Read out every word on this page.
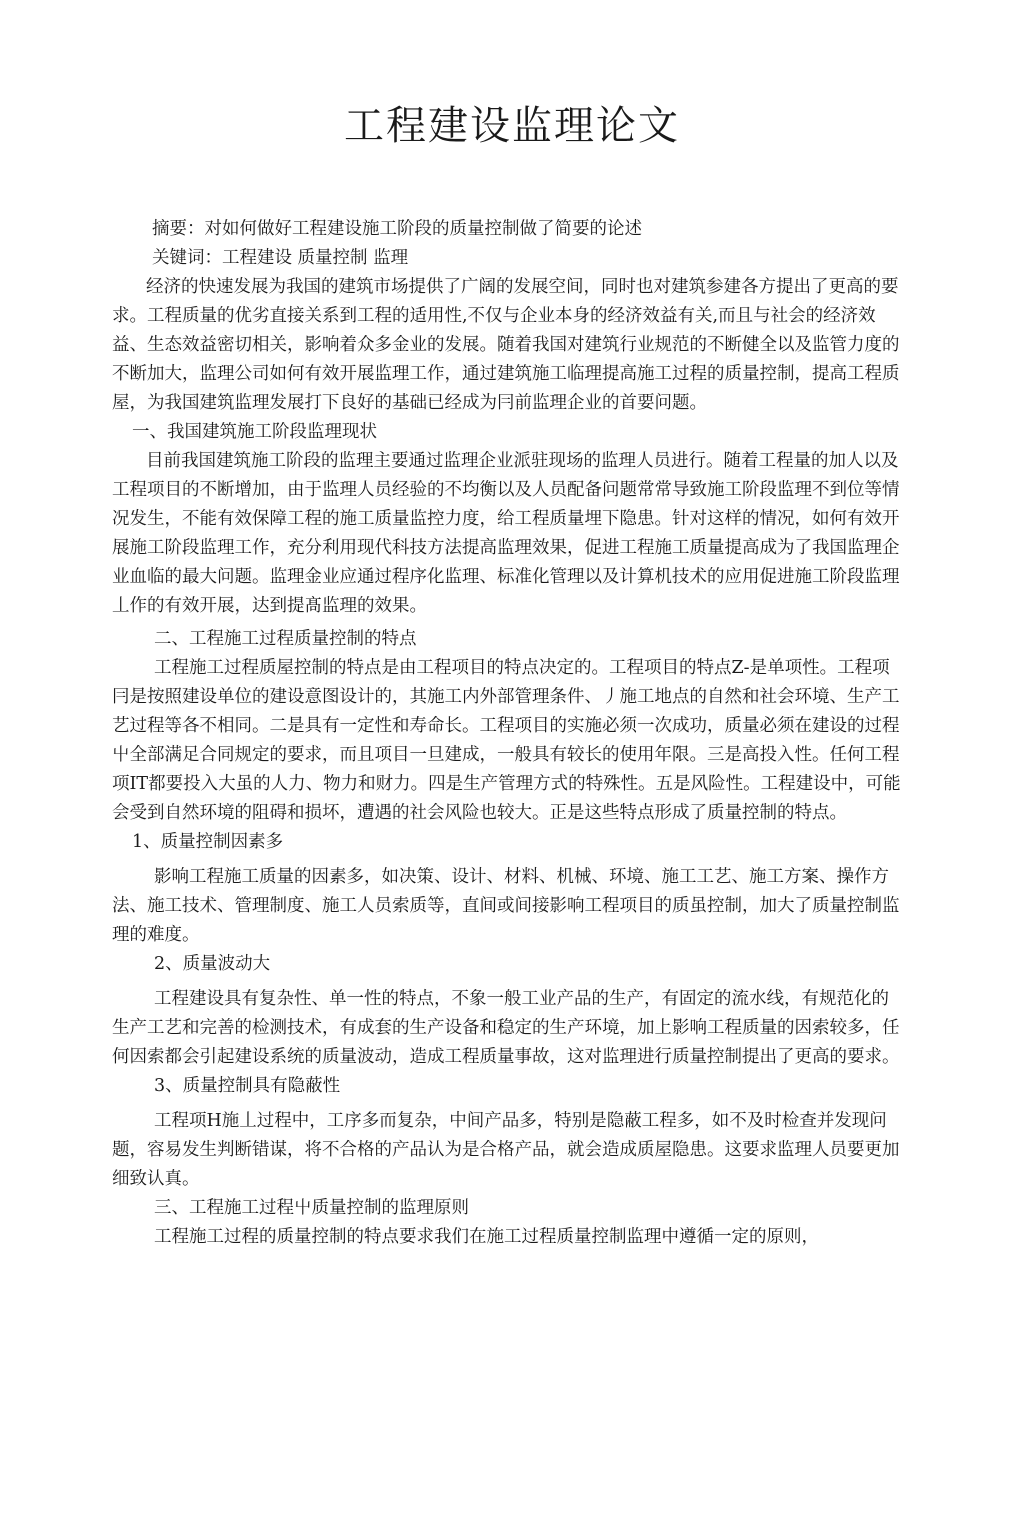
工程建设监理论文

摘要：对如何做好工程建设施工阶段的质量控制做了简要的论述

关键词：工程建设 质量控制 监理

经济的快速发展为我国的建筑市场提供了广阔的发展空间，同时也对建筑参建各方提出了更高的要求。工程质量的优劣直接关系到工程的适用性,不仅与企业本身的经济效益有关,而且与社会的经济效益、生态效益密切相关，影响着众多金业的发展。随着我国对建筑行业规范的不断健全以及监管力度的不断加大，监理公司如何有效开展监理工作，通过建筑施工临理提高施工过程的质量控制，提高工程质屋，为我国建筑监理发展打下良好的基础已经成为冃前监理企业的首要问题。

一、我国建筑施工阶段监理现状

目前我国建筑施工阶段的监理主要通过监理企业派驻现场的监理人员进行。随着工程量的加人以及工程项目的不断增加，由于监理人员经验的不均衡以及人员配备问题常常导致施工阶段监理不到位等情况发生，不能有效保障工程的施工质量监控力度，给工程质量埋下隐患。针对这样的情况，如何有效开展施工阶段监理工作，充分利用现代科技方法提高监理效果，促进工程施工质量提高成为了我国监理企业血临的最大问题。监理金业应通过程序化监理、标准化管理以及计算机技术的应用促进施工阶段监理丄作的有效开展，达到提髙监理的效果。

二、工程施工过程质量控制的特点

工程施工过程质屋控制的特点是由工程项目的特点决定的。工程项目的特点Z-是单项性。工程项冃是按照建设单位的建设意图设计的，其施工内外部管理条件、丿施工地点的自然和社会环境、生产工艺过程等各不相同。二是具有一定性和寿命长。工程项目的实施必须一次成功，质量必须在建设的过程屮全部满足合同规定的要求，而且项目一旦建成，一般具有较长的使用年限。三是高投入性。任何工程项IT都要投入大虽的人力、物力和财力。四是生产管理方式的特殊性。五是风险性。工程建设中，可能会受到自然环境的阻碍和损坏，遭遇的社会风险也较大。正是这些特点形成了质量控制的特点。

1、质量控制因素多

影响工程施工质量的因素多，如决策、设计、材料、机械、环境、施工工艺、施工方案、操作方法、施工技术、管理制度、施工人员索质等，直间或间接影响工程项目的质虽控制，加大了质量控制监理的难度。

2、质量波动大

工程建设具有复杂性、单一性的特点，不象一般工业产品的生产，有固定的流水线，有规范化的生产工艺和完善的检测技术，有成套的生产设备和稳定的生产环境，加上影响工程质量的因索较多，任何因索都会引起建设系统的质量波动，造成工程质量事故，这对监理进行质量控制提出了更高的要求。

3、质量控制具有隐蔽性

工程项H施丄过程中，工序多而复杂，中间产品多，特别是隐蔽工程多，如不及时检查并发现问题，容易发生判断错谋，将不合格的产品认为是合格产品，就会造成质屋隐患。这要求监理人员要更加细致认真。

三、工程施工过程屮质量控制的监理原则

工程施工过程的质量控制的特点要求我们在施工过程质量控制监理中遵循一定的原则，
